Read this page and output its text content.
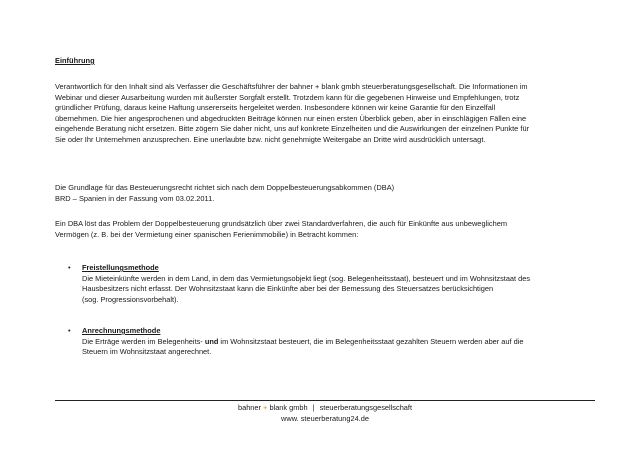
Einführung
Verantwortlich für den Inhalt sind als Verfasser die Geschäftsführer der bahner + blank gmbh steuerberatungsgesellschaft. Die Informationen im
Webinar und dieser Ausarbeitung wurden mit äußerster Sorgfalt erstellt. Trotzdem kann für die gegebenen Hinweise und Empfehlungen, trotz
gründlicher Prüfung, daraus keine Haftung unsererseits hergeleitet werden. Insbesondere können wir keine Garantie für den Einzelfall
übernehmen. Die hier angesprochenen und abgedruckten Beiträge können nur einen ersten Überblick geben, aber in einschlägigen Fällen eine
eingehende Beratung nicht ersetzen. Bitte zögern Sie daher nicht, uns auf konkrete Einzelheiten und die Auswirkungen der einzelnen Punkte für
Sie oder Ihr Unternehmen anzusprechen. Eine unerlaubte bzw. nicht genehmigte Weitergabe an Dritte wird ausdrücklich untersagt.
Die Grundlage für das Besteuerungsrecht richtet sich nach dem Doppelbesteuerungsabkommen (DBA)
BRD – Spanien in der Fassung vom 03.02.2011.
Ein DBA löst das Problem der Doppelbesteuerung grundsätzlich über zwei Standardverfahren, die auch für Einkünfte aus unbeweglichem
Vermögen (z. B. bei der Vermietung einer spanischen Ferienimmobilie) in Betracht kommen:
•	Freistellungsmethode
Die Mieteinkünfte werden in dem Land, in dem das Vermietungsobjekt liegt (sog. Belegenheitsstaat), besteuert und im Wohnsitzstaat des
Hausbesitzers nicht erfasst. Der Wohnsitzstaat kann die Einkünfte aber bei der Bemessung des Steuersatzes berücksichtigen
(sog. Progressionsvorbehalt).
•	Anrechnungsmethode
Die Erträge werden im Belegenheits- und im Wohnsitzstaat besteuert, die im Belegenheitsstaat gezahlten Steuern werden aber auf die
Steuern im Wohnsitzstaat angerechnet.
bahner + blank gmbh | steuerberatungsgesellschaft
www. steuerberatung24.de
